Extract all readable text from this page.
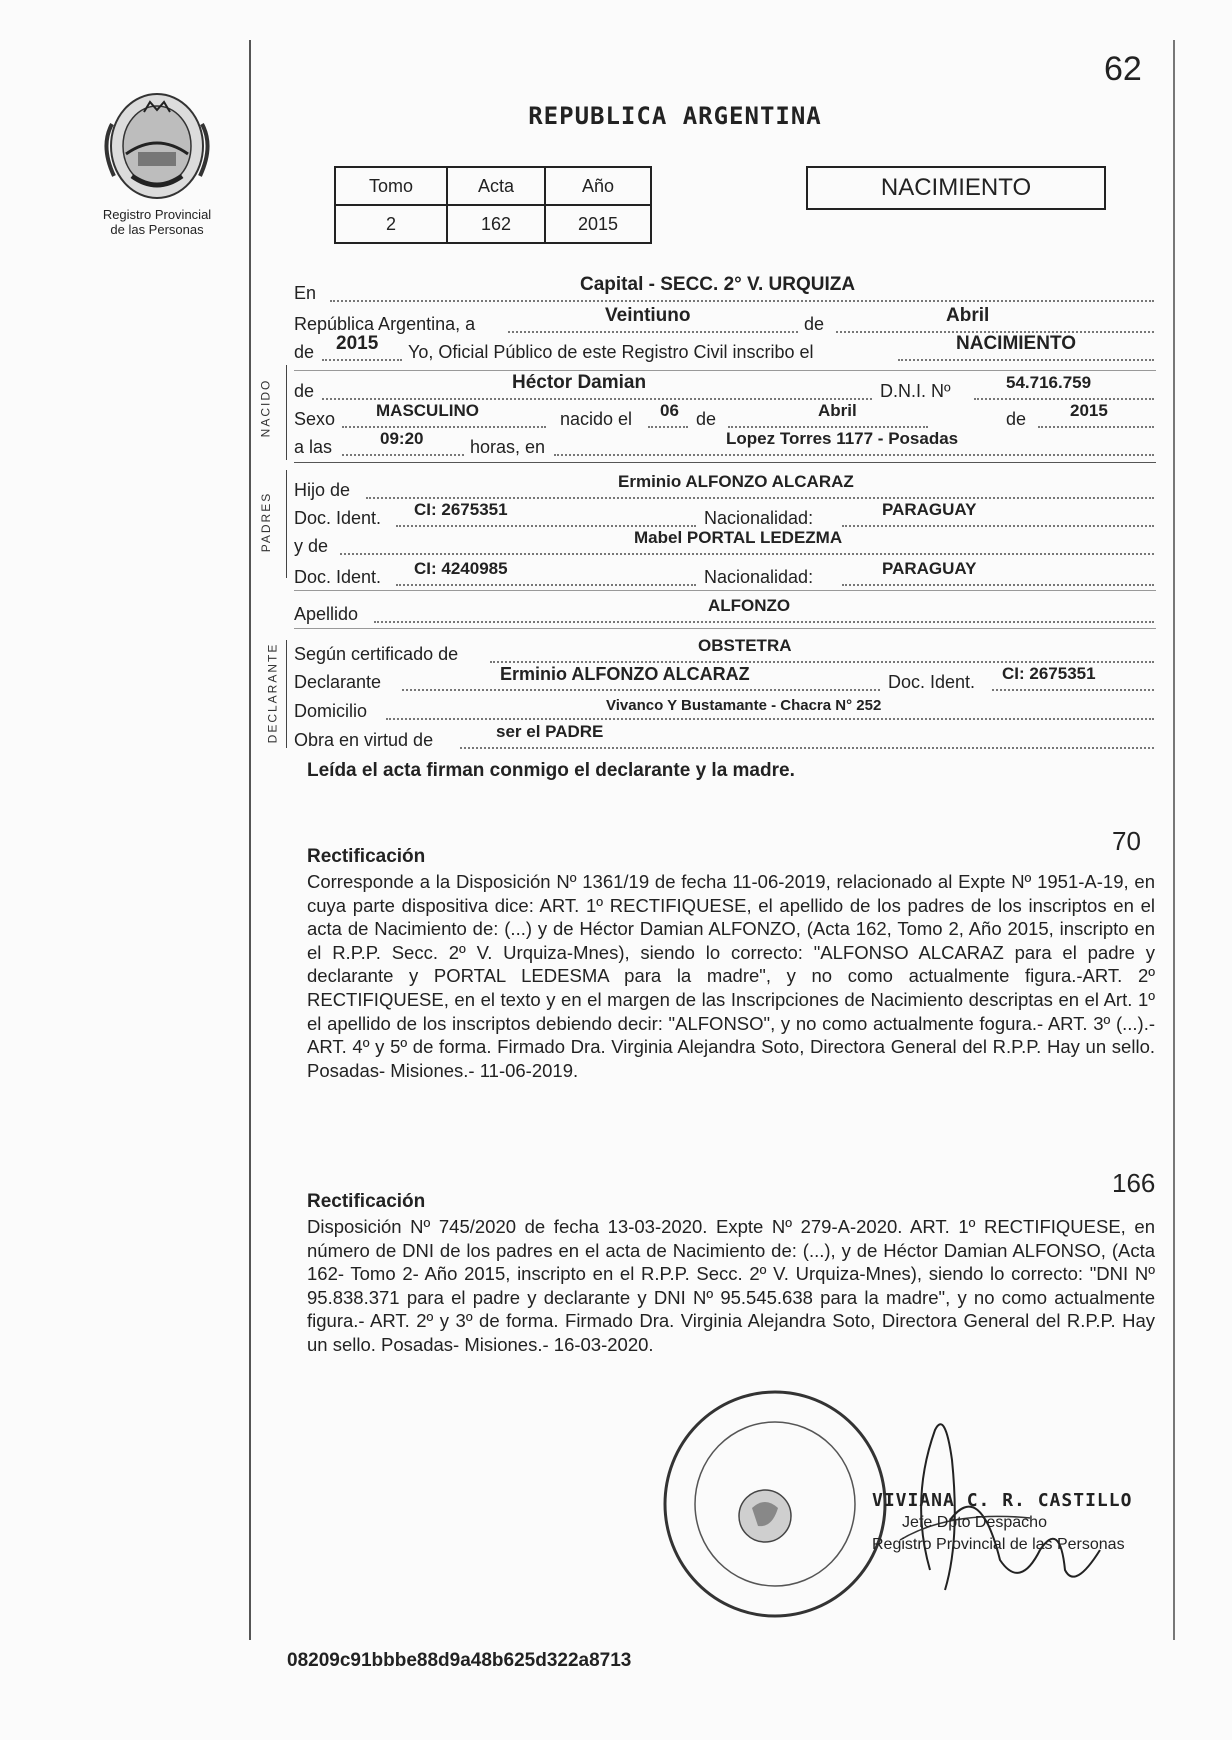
Registro Provincial
de las Personas
62
REPUBLICA ARGENTINA
Tomo	Acta	Año
2	162	2015
NACIMIENTO
NACIDO
PADRES
DECLARANTE
En	Capital - SECC. 2° V. URQUIZA
República Argentina, a	Veintiuno	de	Abril
de 2015 Yo, Oficial Público de este Registro Civil inscribo el	NACIMIENTO
de	Héctor Damian	D.N.I. Nº	54.716.759
Sexo MASCULINO	nacido el 06 de	Abril	de	2015
a las	09:20	horas, en	Lopez Torres 1177 - Posadas
Hijo de	Erminio ALFONZO ALCARAZ
Doc. Ident. CI: 2675351	Nacionalidad:	PARAGUAY
y de	Mabel PORTAL LEDEZMA
Doc. Ident. CI: 4240985	Nacionalidad:	PARAGUAY
Apellido	ALFONZO
Según certificado de	OBSTETRA
Declarante	Erminio ALFONZO ALCARAZ	Doc. Ident. CI: 2675351
Domicilio	Vivanco Y Bustamante - Chacra N° 252
Obra en virtud de	ser el PADRE
Leída el acta firman conmigo el declarante y la madre.
70
Rectificación
Corresponde a la Disposición Nº 1361/19 de fecha 11-06-2019, relacionado al Expte Nº 1951-A-19, en cuya parte dispositiva dice: ART. 1º RECTIFIQUESE, el apellido de los padres de los inscriptos en el acta de Nacimiento de: (...) y de Héctor Damian ALFONZO, (Acta 162, Tomo 2, Año 2015, inscripto en el R.P.P. Secc. 2º V. Urquiza-Mnes), siendo lo correcto: "ALFONSO ALCARAZ para el padre y declarante y PORTAL LEDESMA para la madre", y no como actualmente figura.-ART. 2º RECTIFIQUESE, en el texto y en el margen de las Inscripciones de Nacimiento descriptas en el Art. 1º el apellido de los inscriptos debiendo decir: "ALFONSO", y no como actualmente fogura.- ART. 3º (...).- ART. 4º y 5º de forma. Firmado Dra. Virginia Alejandra Soto, Directora General del R.P.P. Hay un sello. Posadas- Misiones.- 11-06-2019.
166
Rectificación
Disposición Nº 745/2020 de fecha 13-03-2020. Expte Nº 279-A-2020. ART. 1º RECTIFIQUESE, en número de DNI de los padres en el acta de Nacimiento de: (...), y de Héctor Damian ALFONSO, (Acta 162- Tomo 2- Año 2015, inscripto en el R.P.P. Secc. 2º V. Urquiza-Mnes), siendo lo correcto: "DNI Nº 95.838.371 para el padre y declarante y DNI Nº 95.545.638 para la madre", y no como actualmente figura.- ART. 2º y 3º de forma. Firmado Dra. Virginia Alejandra Soto, Directora General del R.P.P. Hay un sello. Posadas- Misiones.- 16-03-2020.
VIVIANA C. R. CASTILLO
Jefe Dpto Despacho
Registro Provincial de las Personas
08209c91bbbe88d9a48b625d322a8713
